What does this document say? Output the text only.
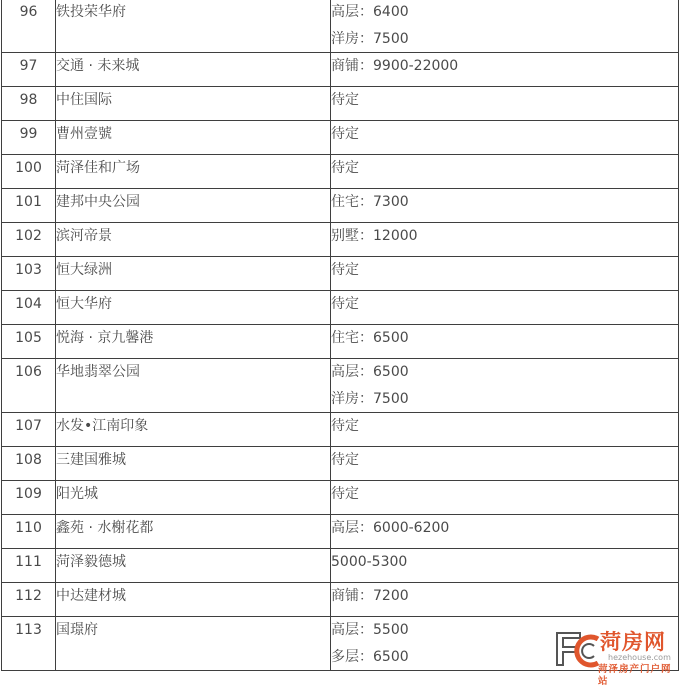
96	铁投荣华府	高层：6400
洋房：7500

97	交通 · 未来城	商铺：9900-22000

98	中住国际	待定

99	曹州壹號	待定

100	菏泽佳和广场	待定

101	建邦中央公园	住宅：7300

102	滨河帝景	别墅：12000

103	恒大绿洲	待定

104	恒大华府	待定

105	悦海 · 京九馨港	住宅：6500

106	华地翡翠公园	高层：6500
洋房：7500

107	水发•江南印象	待定

108	三建国雅城	待定

109	阳光城	待定

110	鑫苑 · 水榭花都	高层：6000-6200

111	菏泽毅德城	5000-5300

112	中达建材城	商铺：7200

113	国璟府	高层：5500
多层：6500
菏房网
hezehouse.com
菏泽房产门户网站
